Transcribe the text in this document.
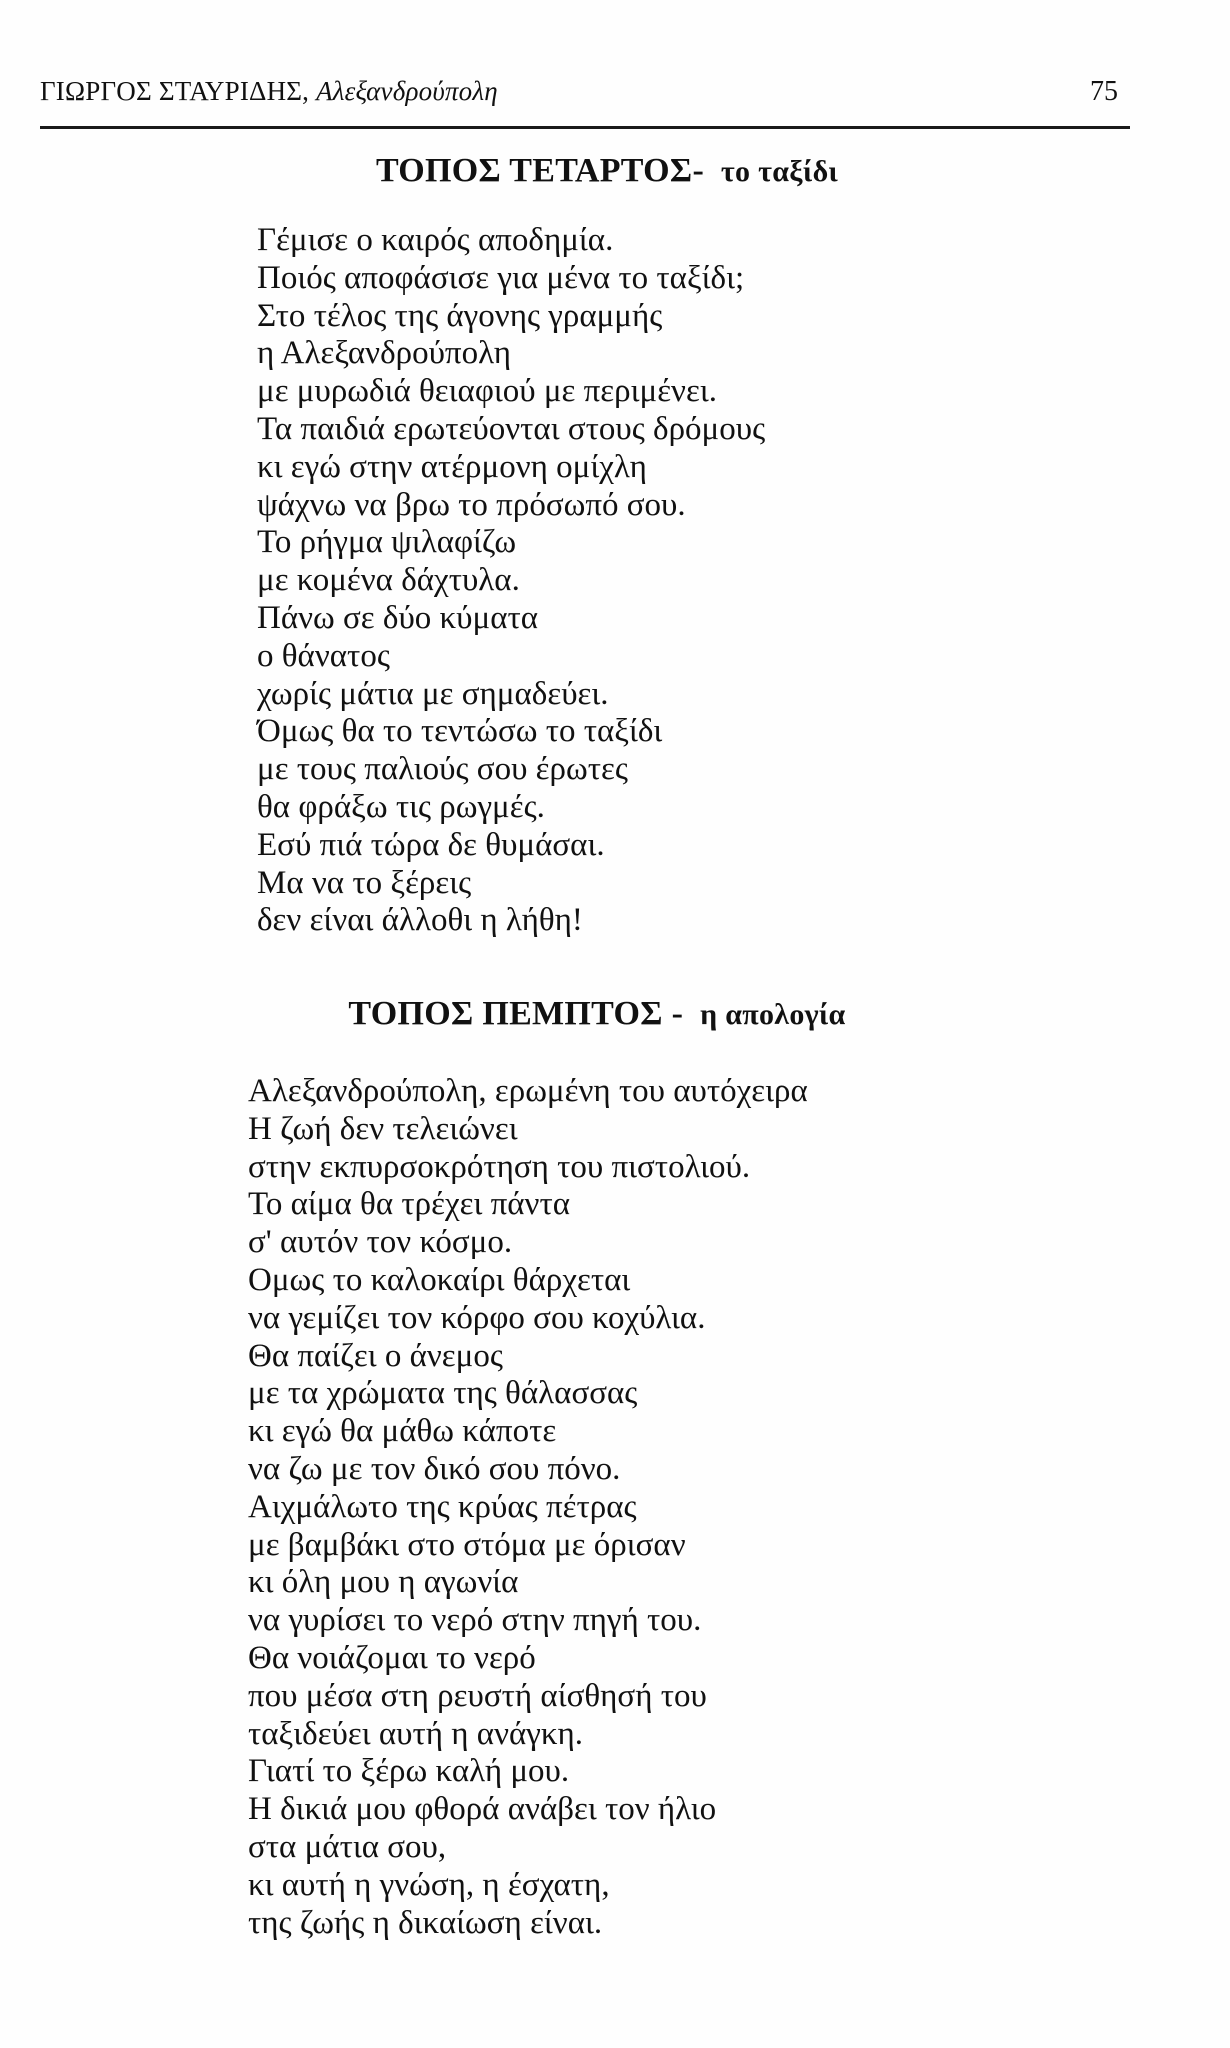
ΓΙΩΡΓΟΣ ΣΤΑΥΡΙΔΗΣ, Αλεξανδρούπολη	75
ΤΟΠΟΣ ΤΕΤΑΡΤΟΣ- το ταξίδι
Γέμισε ο καιρός αποδημία.
Ποιός αποφάσισε για μένα το ταξίδι;
Στο τέλος της άγονης γραμμής
η Αλεξανδρούπολη
με μυρωδιά θειαφιού με περιμένει.
Τα παιδιά ερωτεύονται στους δρόμους
κι εγώ στην ατέρμονη ομίχλη
ψάχνω να βρω το πρόσωπό σου.
Το ρήγμα ψιλαφίζω
με κομένα δάχτυλα.
Πάνω σε δύο κύματα
ο θάνατος
χωρίς μάτια με σημαδεύει.
Όμως θα το τεντώσω το ταξίδι
με τους παλιούς σου έρωτες
θα φράξω τις ρωγμές.
Εσύ πιά τώρα δε θυμάσαι.
Μα να το ξέρεις
δεν είναι άλλοθι η λήθη!
ΤΟΠΟΣ ΠΕΜΠΤΟΣ - η απολογία
Αλεξανδρούπολη, ερωμένη του αυτόχειρα
Η ζωή δεν τελειώνει
στην εκπυρσοκρότηση του πιστολιού.
Το αίμα θα τρέχει πάντα
σ' αυτόν τον κόσμο.
Ομως το καλοκαίρι θάρχεται
να γεμίζει τον κόρφο σου κοχύλια.
Θα παίζει ο άνεμος
με τα χρώματα της θάλασσας
κι εγώ θα μάθω κάποτε
να ζω με τον δικό σου πόνο.
Αιχμάλωτο της κρύας πέτρας
με βαμβάκι στο στόμα με όρισαν
κι όλη μου η αγωνία
να γυρίσει το νερό στην πηγή του.
Θα νοιάζομαι το νερό
που μέσα στη ρευστή αίσθησή του
ταξιδεύει αυτή η ανάγκη.
Γιατί το ξέρω καλή μου.
Η δικιά μου φθορά ανάβει τον ήλιο
στα μάτια σου,
κι αυτή η γνώση, η έσχατη,
της ζωής η δικαίωση είναι.
